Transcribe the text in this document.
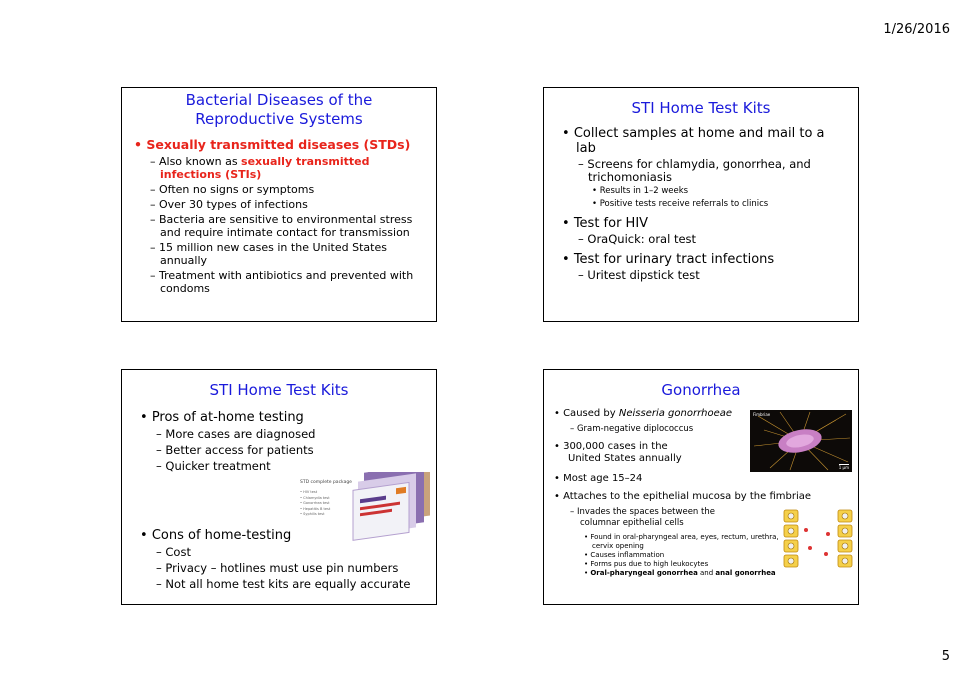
1/26/2016
Bacterial Diseases of the Reproductive Systems
• Sexually transmitted diseases (STDs)
– Also known as sexually transmitted infections (STIs)
– Often no signs or symptoms
– Over 30 types of infections
– Bacteria are sensitive to environmental stress and require intimate contact for transmission
– 15 million new cases in the United States annually
– Treatment with antibiotics and prevented with condoms
STI Home Test Kits
• Collect samples at home and mail to a lab
– Screens for chlamydia, gonorrhea, and trichomoniasis
• Results in 1–2 weeks
• Positive tests receive referrals to clinics
• Test for HIV
– OraQuick: oral test
• Test for urinary tract infections
– Uritest dipstick test
STI Home Test Kits
• Pros of at-home testing
– More cases are diagnosed
– Better access for patients
– Quicker treatment
• Cons of home-testing
– Cost
– Privacy – hotlines must use pin numbers
– Not all home test kits are equally accurate
STD complete package
• HIV test
• Chlamydia test
• Gonorrhea test
• Hepatitis B test
• Syphilis test
Gonorrhea
Fimbriae
1 μm
• Caused by Neisseria gonorrhoeae
– Gram-negative diplococcus
• 300,000 cases in the United States annually
• Most age 15–24
• Attaches to the epithelial mucosa by the fimbriae
– Invades the spaces between the columnar epithelial cells
• Found in oral-pharyngeal area, eyes, rectum, urethra, cervix opening
• Causes inflammation
• Forms pus due to high leukocytes
• Oral-pharyngeal gonorrhea and anal gonorrhea
5
